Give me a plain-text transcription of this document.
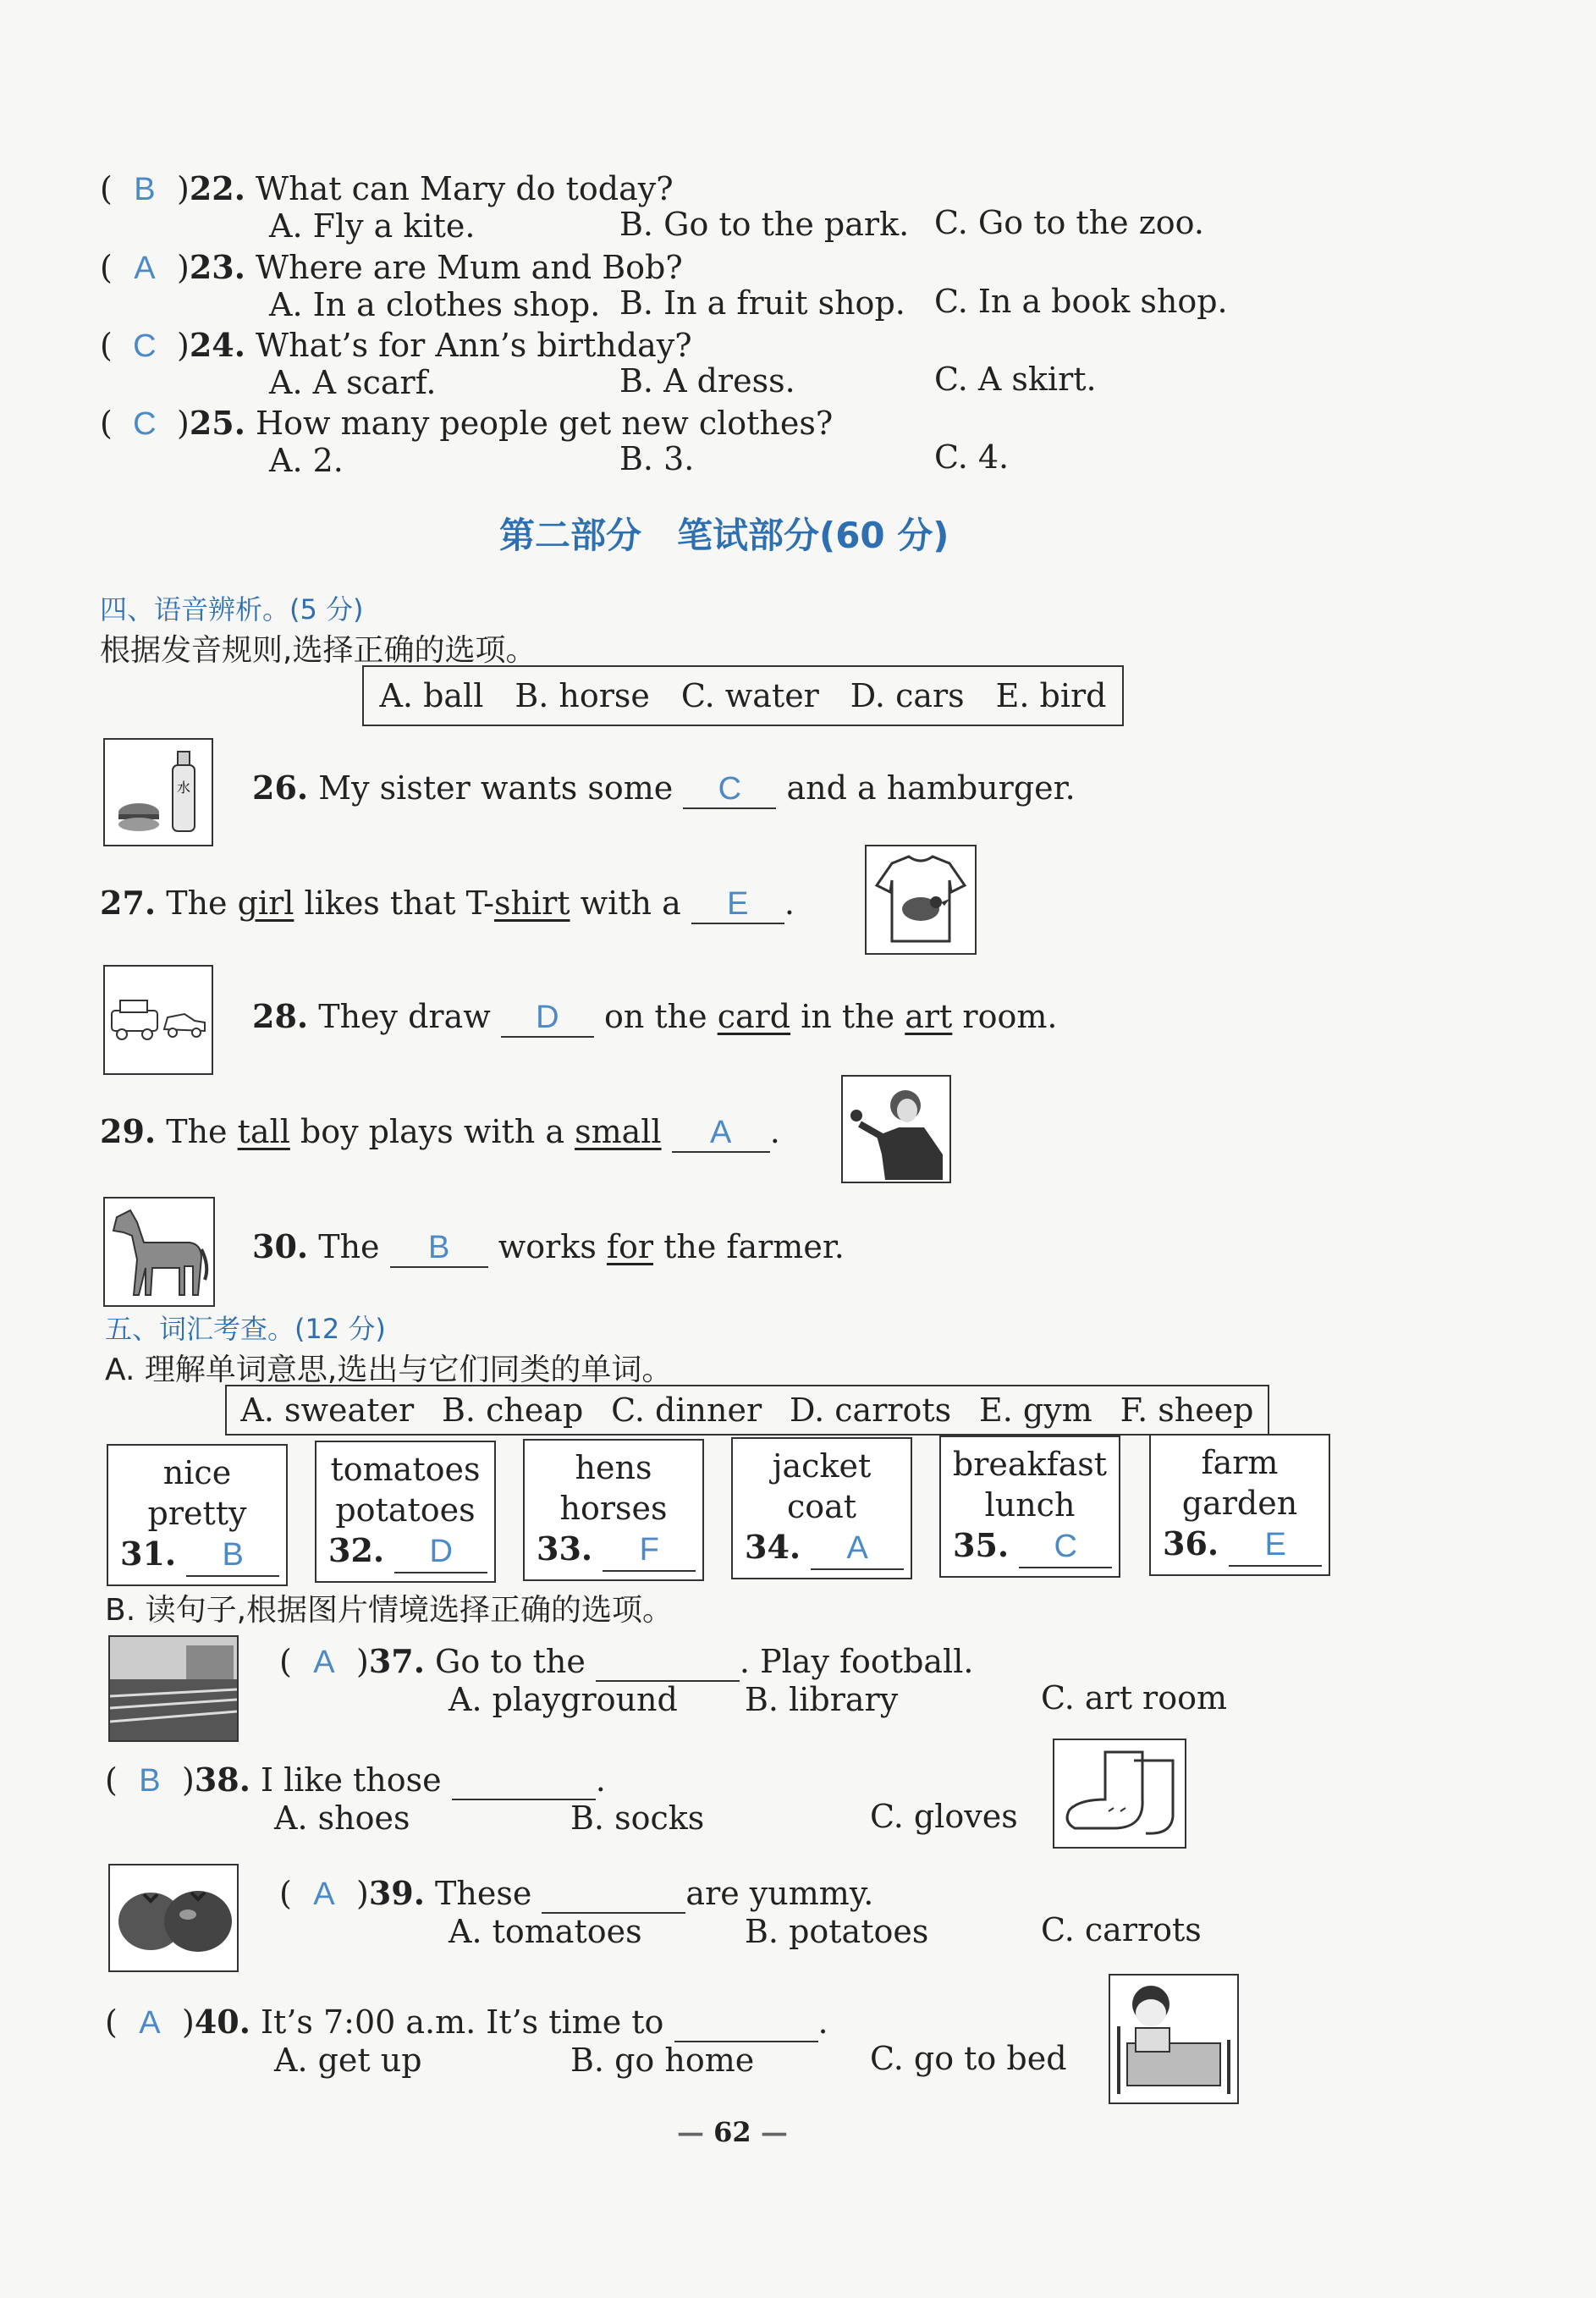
( B )22. What can Mary do today?
A. Fly a kite.	B. Go to the park. C. Go to the zoo.
( A )23. Where are Mum and Bob?
A. In a clothes shop. B. In a fruit shop. C. In a book shop.
( C )24. What’s for Ann’s birthday?
A. A scarf.	B. A dress.	C. A skirt.
( C )25. How many people get new clothes?
A. 2.	B. 3.	C. 4.
第二部分　笔试部分(60 分)
四、语音辨析。(5 分)
根据发音规则,选择正确的选项。
A. ball B. horse C. water D. cars E. bird
水 26. My sister wants some C and a hamburger.
27. The girl likes that T-shirt with a E .
28. They draw D on the card in the art room.
29. The tall boy plays with a small A .
30. The B works for the farmer.
五、词汇考查。(12 分)
A. 理解单词意思,选出与它们同类的单词。
A. sweater B. cheap C. dinner D. carrots E. gym F. sheep
nice
pretty
31. B
tomatoes
potatoes
32. D
hens
horses
33. F
jacket
coat
34. A
breakfast
lunch
35. C
farm
garden
36. E
B. 读句子,根据图片情境选择正确的选项。
( A )37. Go to the	. Play football.
A. playground B. library	C. art room
( B )38. I like those	.
A. shoes	B. socks	C. gloves
( A )39. These	are yummy.
A. tomatoes	B. potatoes	C. carrots
( A )40. It’s 7:00 a.m. It’s time to	.
A. get up	B. go home	C. go to bed
— 62 —
